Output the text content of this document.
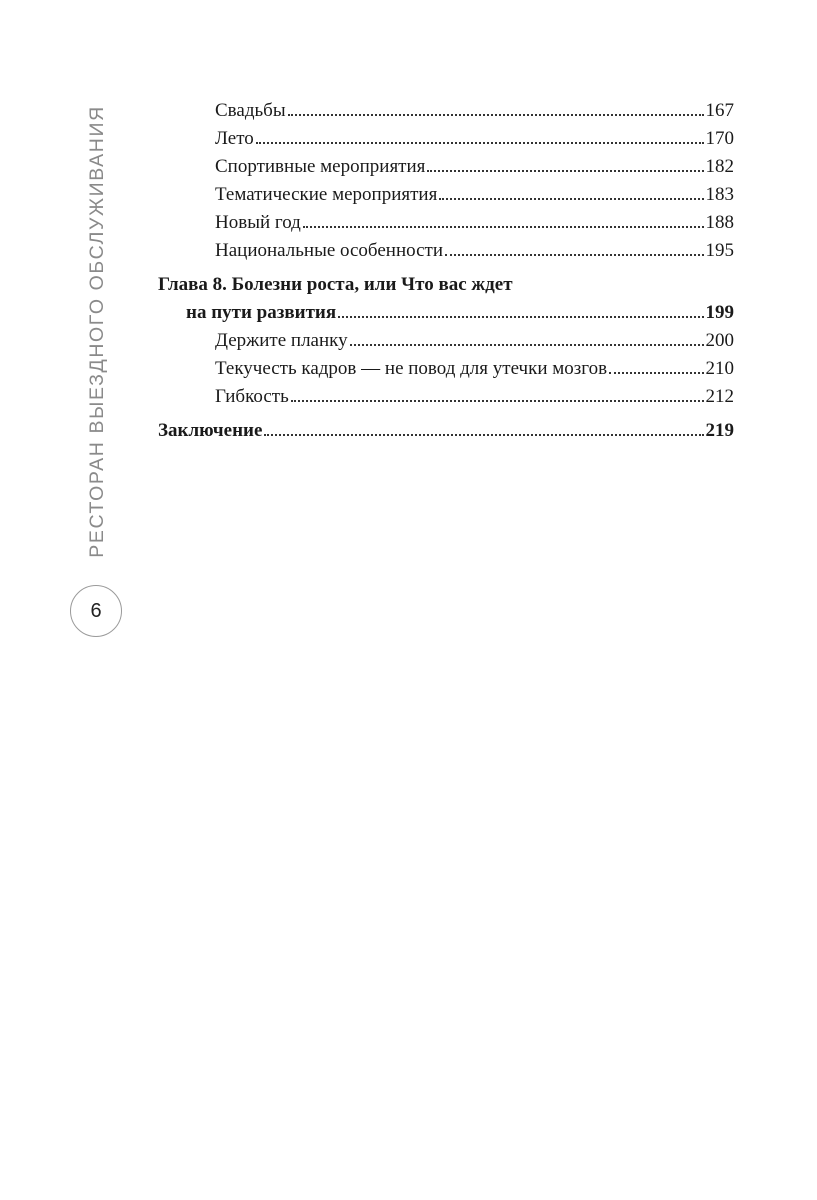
РЕСТОРАН ВЫЕЗДНОГО ОБСЛУЖИВАНИЯ
6
Свадьбы	167
Лето	170
Спортивные мероприятия	182
Тематические мероприятия	183
Новый год	188
Национальные особенности	195
Глава 8. Болезни роста, или Что вас ждет
на пути развития	199
Держите планку	200
Текучесть кадров — не повод для утечки мозгов	210
Гибкость	212
Заключение	219
